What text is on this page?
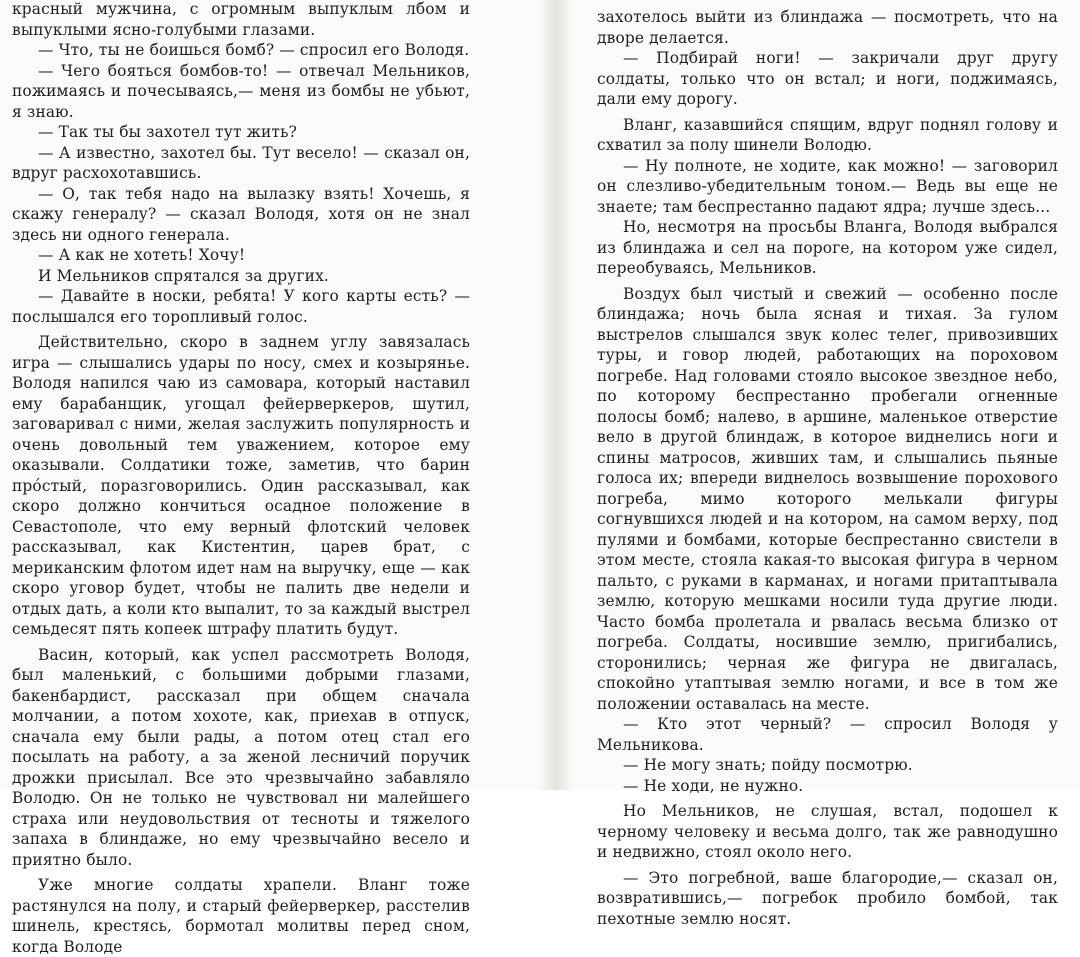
красный мужчина, с огромным выпуклым лбом и выпуклыми ясно-голубыми глазами.

— Что, ты не боишься бомб? — спросил его Володя.

— Чего бояться бомбов-то! — отвечал Мельников, пожимаясь и почесываясь,— меня из бомбы не убьют, я знаю.

— Так ты бы захотел тут жить?

— А известно, захотел бы. Тут весело! — сказал он, вдруг расхохотавшись.

— О, так тебя надо на вылазку взять! Хочешь, я скажу генералу? — сказал Володя, хотя он не знал здесь ни одного генерала.

— А как не хотеть! Хочу!

И Мельников спрятался за других.

— Давайте в носки, ребята! У кого карты есть? — послышался его торопливый голос.

Действительно, скоро в заднем углу завязалась игра — слышались удары по носу, смех и козырянье. Володя напился чаю из самовара, который наставил ему барабанщик, угощал фейерверкеров, шутил, заговаривал с ними, желая заслужить популярность и очень довольный тем уважением, которое ему оказывали. Солдатики тоже, заметив, что барин прóстый, поразговорились. Один рассказывал, как скоро должно кончиться осадное положение в Севастополе, что ему верный флотский человек рассказывал, как Кистентин, царев брат, с мериканским флотом идет нам на выручку, еще — как скоро уговор будет, чтобы не палить две недели и отдых дать, а коли кто выпалит, то за каждый выстрел семьдесят пять копеек штрафу платить будут.

Васин, который, как успел рассмотреть Володя, был маленький, с большими добрыми глазами, бакенбардист, рассказал при общем сначала молчании, а потом хохоте, как, приехав в отпуск, сначала ему были рады, а потом отец стал его посылать на работу, а за женой лесничий поручик дрожки присылал. Все это чрезвычайно забавляло Володю. Он не только не чувствовал ни малейшего страха или неудовольствия от тесноты и тяжелого запаха в блиндаже, но ему чрезвычайно весело и приятно было.

Уже многие солдаты храпели. Вланг тоже растянулся на полу, и старый фейерверкер, расстелив шинель, крестясь, бормотал молитвы перед сном, когда Володе

захотелось выйти из блиндажа — посмотреть, что на дворе делается.

— Подбирай ноги! — закричали друг другу солдаты, только что он встал; и ноги, поджимаясь, дали ему дорогу.

Вланг, казавшийся спящим, вдруг поднял голову и схватил за полу шинели Володю.

— Ну полноте, не ходите, как можно! — заговорил он слезливо-убедительным тоном.— Ведь вы еще не знаете; там беспрестанно падают ядра; лучше здесь...

Но, несмотря на просьбы Вланга, Володя выбрался из блиндажа и сел на пороге, на котором уже сидел, переобуваясь, Мельников.

Воздух был чистый и свежий — особенно после блиндажа; ночь была ясная и тихая. За гулом выстрелов слышался звук колес телег, привозивших туры, и говор людей, работающих на пороховом погребе. Над головами стояло высокое звездное небо, по которому беспрестанно пробегали огненные полосы бомб; налево, в аршине, маленькое отверстие вело в другой блиндаж, в которое виднелись ноги и спины матросов, живших там, и слышались пьяные голоса их; впереди виднелось возвышение порохового погреба, мимо которого мелькали фигуры согнувшихся людей и на котором, на самом верху, под пулями и бомбами, которые беспрестанно свистели в этом месте, стояла какая-то высокая фигура в черном пальто, с руками в карманах, и ногами притаптывала землю, которую мешками носили туда другие люди. Часто бомба пролетала и рвалась весьма близко от погреба. Солдаты, носившие землю, пригибались, сторонились; черная же фигура не двигалась, спокойно утаптывая землю ногами, и все в том же положении оставалась на месте.

— Кто этот черный? — спросил Володя у Мельникова.

— Не могу знать; пойду посмотрю.

— Не ходи, не нужно.

Но Мельников, не слушая, встал, подошел к черному человеку и весьма долго, так же равнодушно и недвижно, стоял около него.

— Это погребной, ваше благородие,— сказал он, возвратившись,— погребок пробило бомбой, так пехотные землю носят.
